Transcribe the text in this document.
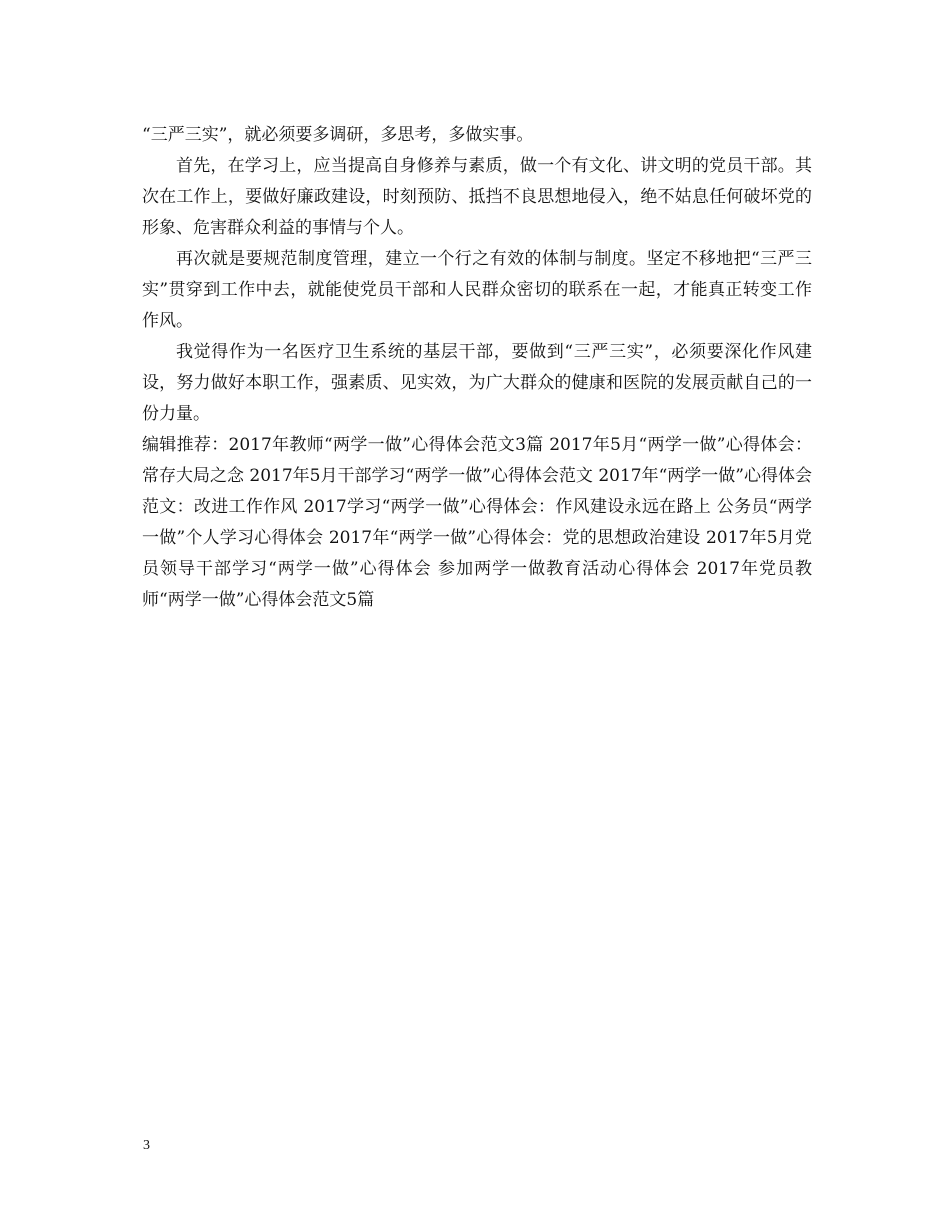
“三严三实”，就必须要多调研，多思考，多做实事。

首先，在学习上，应当提高自身修养与素质，做一个有文化、讲文明的党员干部。其次在工作上，要做好廉政建设，时刻预防、抵挡不良思想地侵入，绝不姑息任何破坏党的形象、危害群众利益的事情与个人。

再次就是要规范制度管理，建立一个行之有效的体制与制度。坚定不移地把“三严三实”贯穿到工作中去，就能使党员干部和人民群众密切的联系在一起，才能真正转变工作作风。

我觉得作为一名医疗卫生系统的基层干部，要做到“三严三实”，必须要深化作风建设，努力做好本职工作，强素质、见实效，为广大群众的健康和医院的发展贡献自己的一份力量。

编辑推荐：2017年教师“两学一做”心得体会范文3篇 2017年5月“两学一做”心得体会：常存大局之念 2017年5月干部学习“两学一做”心得体会范文 2017年“两学一做”心得体会范文：改进工作作风 2017学习“两学一做”心得体会：作风建设永远在路上 公务员“两学一做”个人学习心得体会 2017年“两学一做”心得体会：党的思想政治建设 2017年5月党员领导干部学习“两学一做”心得体会 参加两学一做教育活动心得体会 2017年党员教师“两学一做”心得体会范文5篇

3
